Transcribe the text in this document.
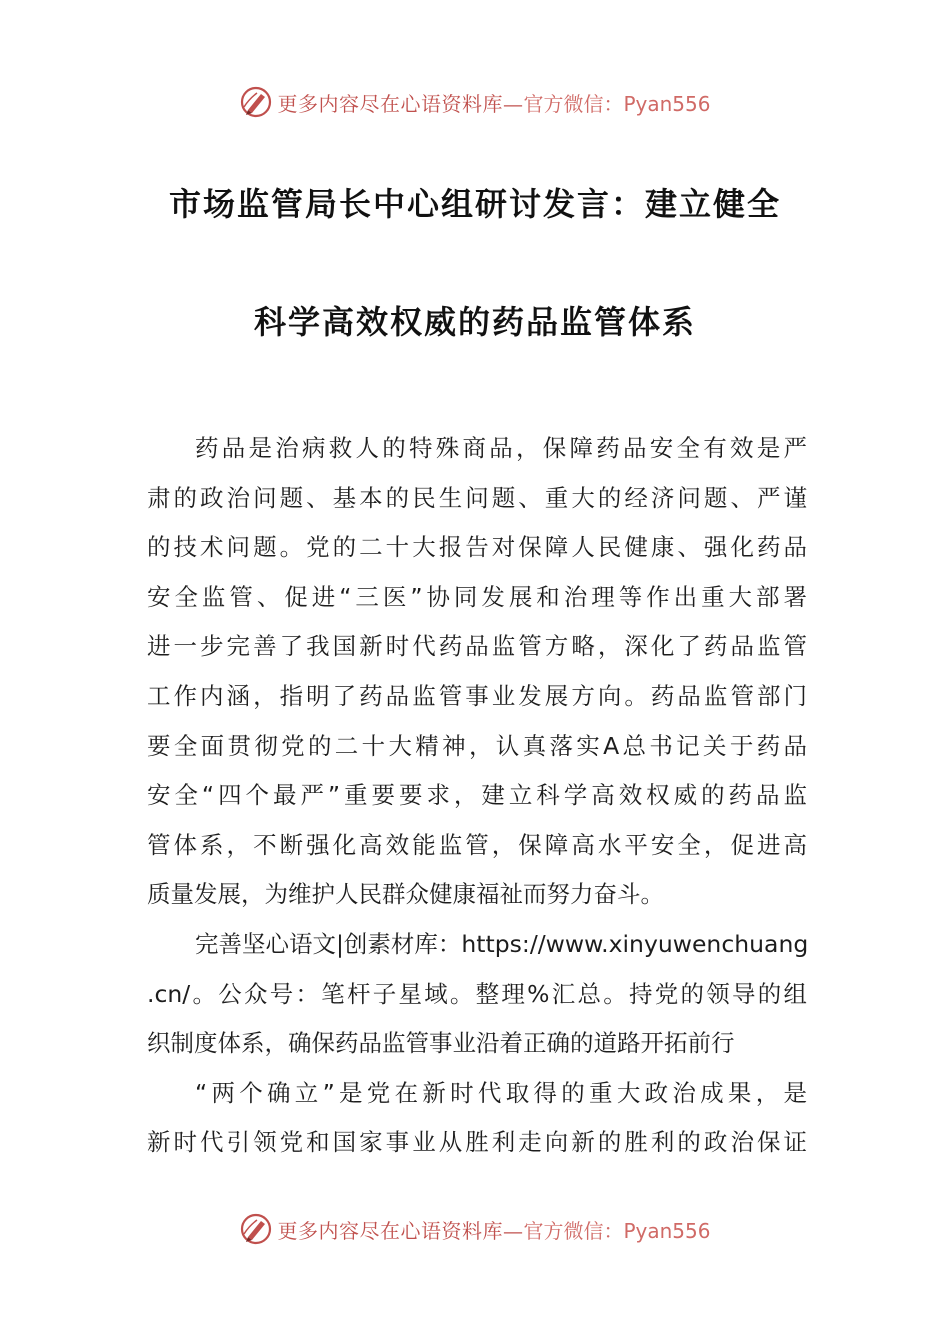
更多内容尽在心语资料库— 官方微信：Pyan556
市场监管局长中心组研讨发言：建立健全
科学高效权威的药品监管体系
药品是治病救人的特殊商品，保障药品安全有效是严
肃的政治问题、基本的民生问题、重大的经济问题、严谨
的技术问题。党的二十大报告对保障人民健康、强化药品
安全监管、促进“三医”协同发展和治理等作出重大部署
进一步完善了我国新时代药品监管方略，深化了药品监管
工作内涵，指明了药品监管事业发展方向。药品监管部门
要全面贯彻党的二十大精神，认真落实A总书记关于药品
安全“四个最严”重要要求，建立科学高效权威的药品监
管体系，不断强化高效能监管，保障高水平安全，促进高
质量发展，为维护人民群众健康福祉而努力奋斗。
完善坚心语文|创素材库：https://www.xinyuwenchuang
.cn/。公众号：笔杆子星域。整理%汇总。持党的领导的组
织制度体系，确保药品监管事业沿着正确的道路开拓前行
“两个确立”是党在新时代取得的重大政治成果，是
新时代引领党和国家事业从胜利走向新的胜利的政治保证
更多内容尽在心语资料库— 官方微信：Pyan556
